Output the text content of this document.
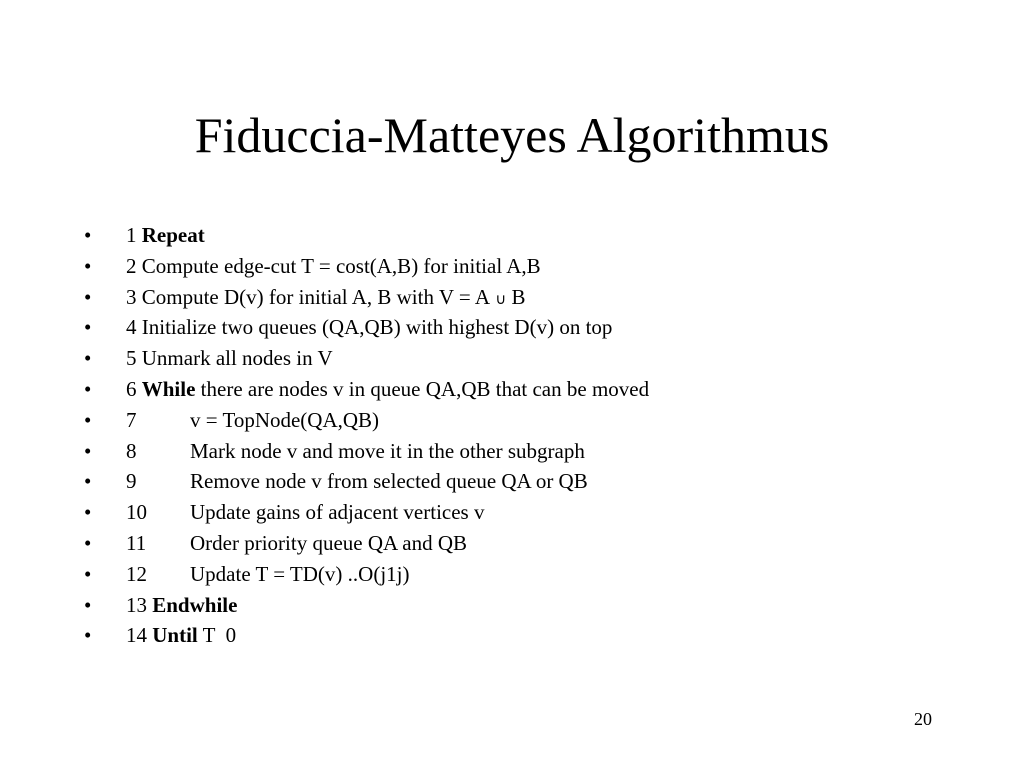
Fiduccia-Matteyes Algorithmus
•	1
Repeat
•	2
Compute edge-cut T = cost(A,B) for initial A,B
•	3
Compute D(v) for initial A, B with V = A
∪
B
•	4
Initialize two queues (QA,QB) with highest D(v) on top
•	5
Unmark all nodes in V
•	6
While there are nodes v in queue QA,QB that can be moved
•	7	v = TopNode(QA,QB)
•	8	Mark node v and move it in the other subgraph
•	9	Remove node v from selected queue QA or QB
•	10	Update gains of adjacent vertices v
•	11	Order priority queue QA and QB
•	12	Update T = TD(v) ..O(j1j)
•	13
Endwhile
•	14
Until T  0
20
